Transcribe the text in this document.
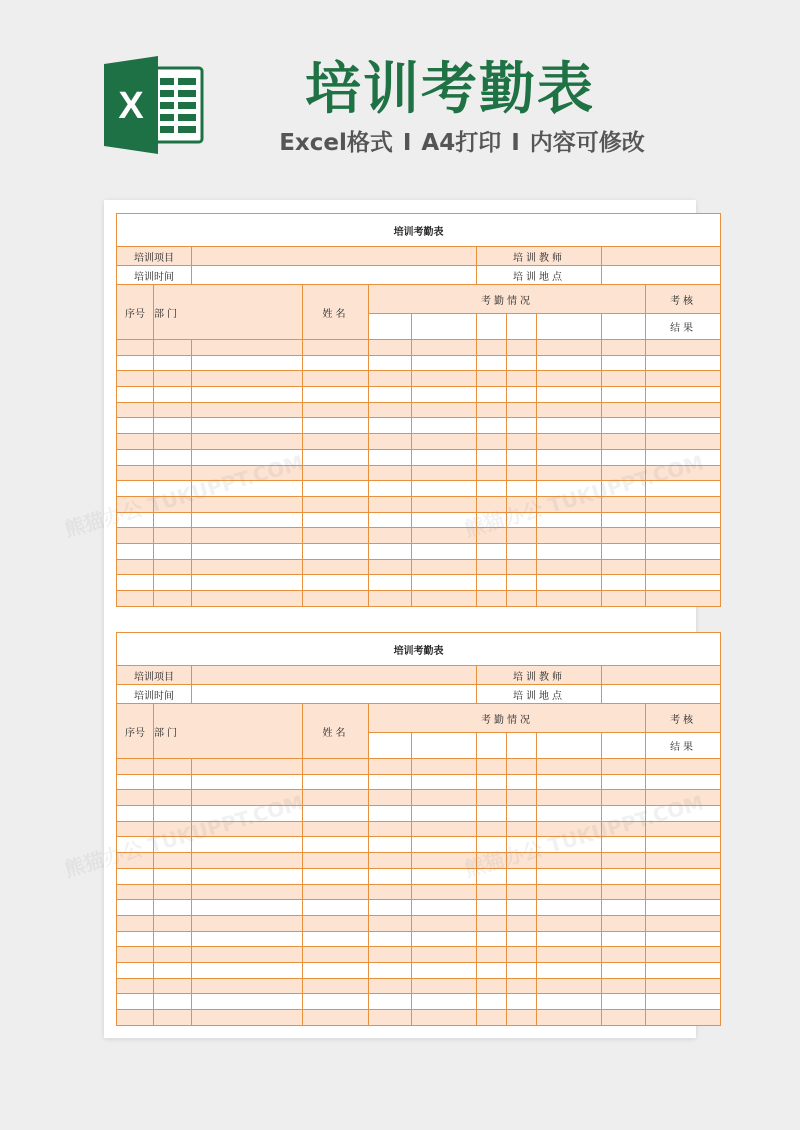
X	培训考勤表
Excel格式 I A4打印 I 内容可修改
培训考勤表										
培训项目						培训教师				
培训时间						培训地点				
序号	部门		姓名	考勤情况						考核
										结果

培训考勤表										
培训项目						培训教师				
培训时间						培训地点				
序号	部门		姓名	考勤情况						考核
										结果
